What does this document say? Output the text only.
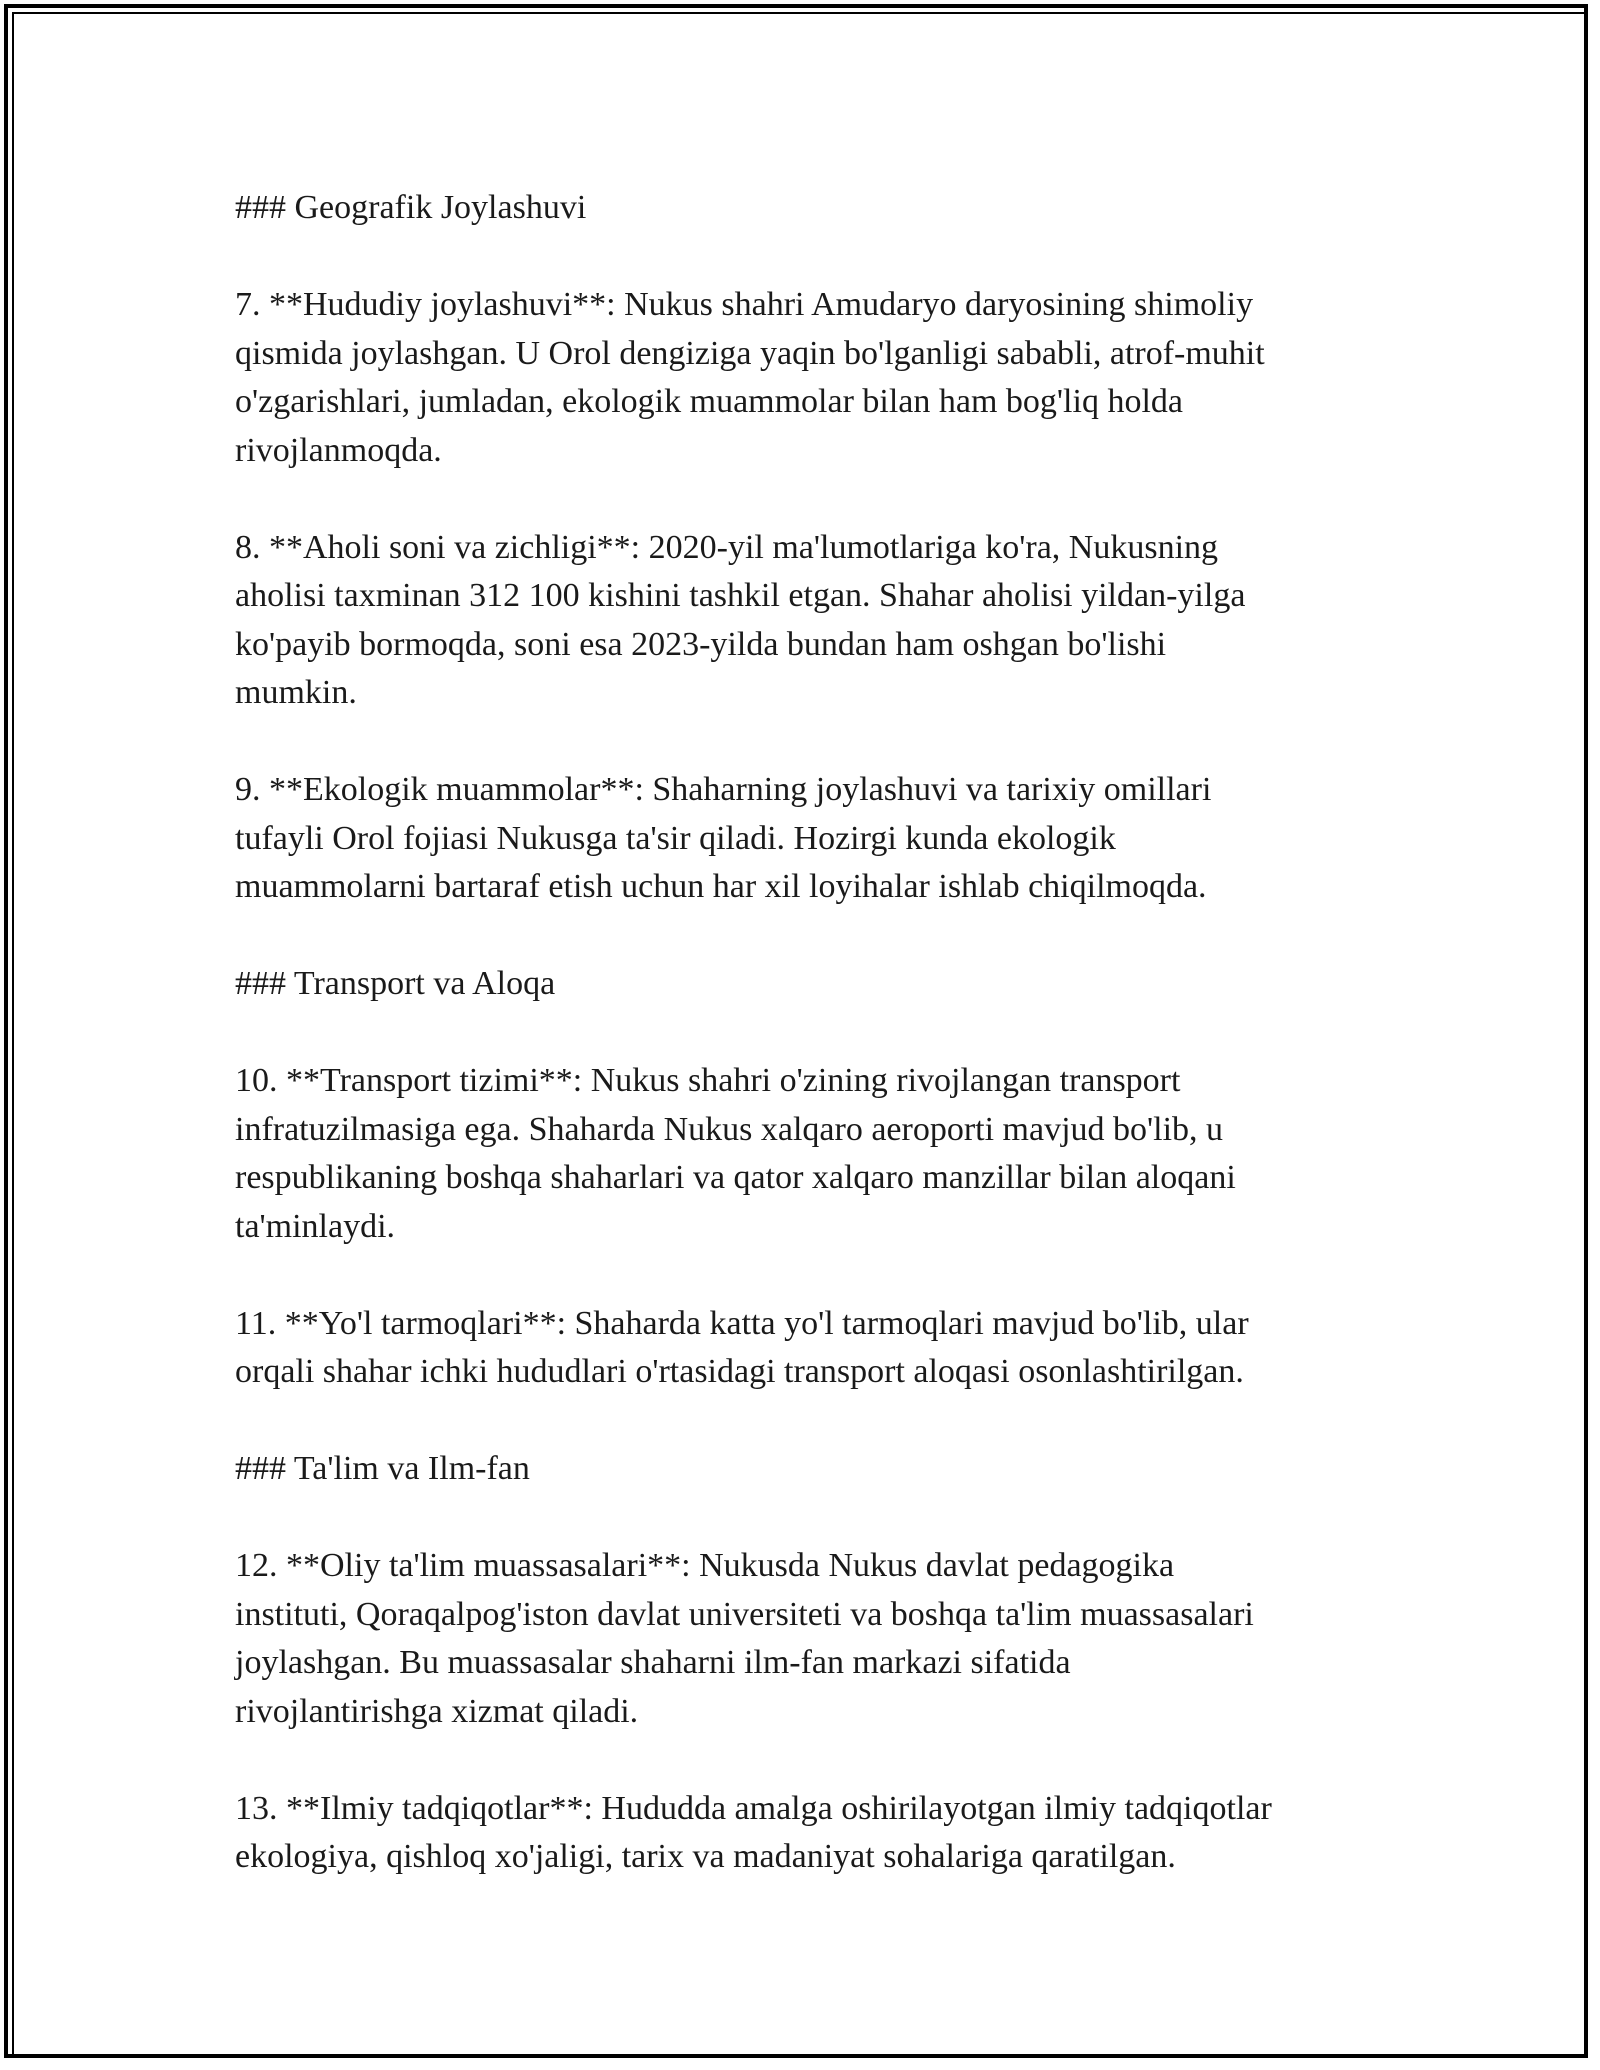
### Geografik Joylashuvi
7. **Hududiy joylashuvi**: Nukus shahri Amudaryo daryosining shimoliy
qismida joylashgan. U Orol dengiziga yaqin bo'lganligi sababli, atrof-muhit
o'zgarishlari, jumladan, ekologik muammolar bilan ham bog'liq holda
rivojlanmoqda.
8. **Aholi soni va zichligi**: 2020-yil ma'lumotlariga ko'ra, Nukusning
aholisi taxminan 312 100 kishini tashkil etgan. Shahar aholisi yildan-yilga
ko'payib bormoqda, soni esa 2023-yilda bundan ham oshgan bo'lishi
mumkin.
9. **Ekologik muammolar**: Shaharning joylashuvi va tarixiy omillari
tufayli Orol fojiasi Nukusga ta'sir qiladi. Hozirgi kunda ekologik
muammolarni bartaraf etish uchun har xil loyihalar ishlab chiqilmoqda.
### Transport va Aloqa
10. **Transport tizimi**: Nukus shahri o'zining rivojlangan transport
infratuzilmasiga ega. Shaharda Nukus xalqaro aeroporti mavjud bo'lib, u
respublikaning boshqa shaharlari va qator xalqaro manzillar bilan aloqani
ta'minlaydi.
11. **Yo'l tarmoqlari**: Shaharda katta yo'l tarmoqlari mavjud bo'lib, ular
orqali shahar ichki hududlari o'rtasidagi transport aloqasi osonlashtirilgan.
### Ta'lim va Ilm-fan
12. **Oliy ta'lim muassasalari**: Nukusda Nukus davlat pedagogika
instituti, Qoraqalpog'iston davlat universiteti va boshqa ta'lim muassasalari
joylashgan. Bu muassasalar shaharni ilm-fan markazi sifatida
rivojlantirishga xizmat qiladi.
13. **Ilmiy tadqiqotlar**: Hududda amalga oshirilayotgan ilmiy tadqiqotlar
ekologiya, qishloq xo'jaligi, tarix va madaniyat sohalariga qaratilgan.
